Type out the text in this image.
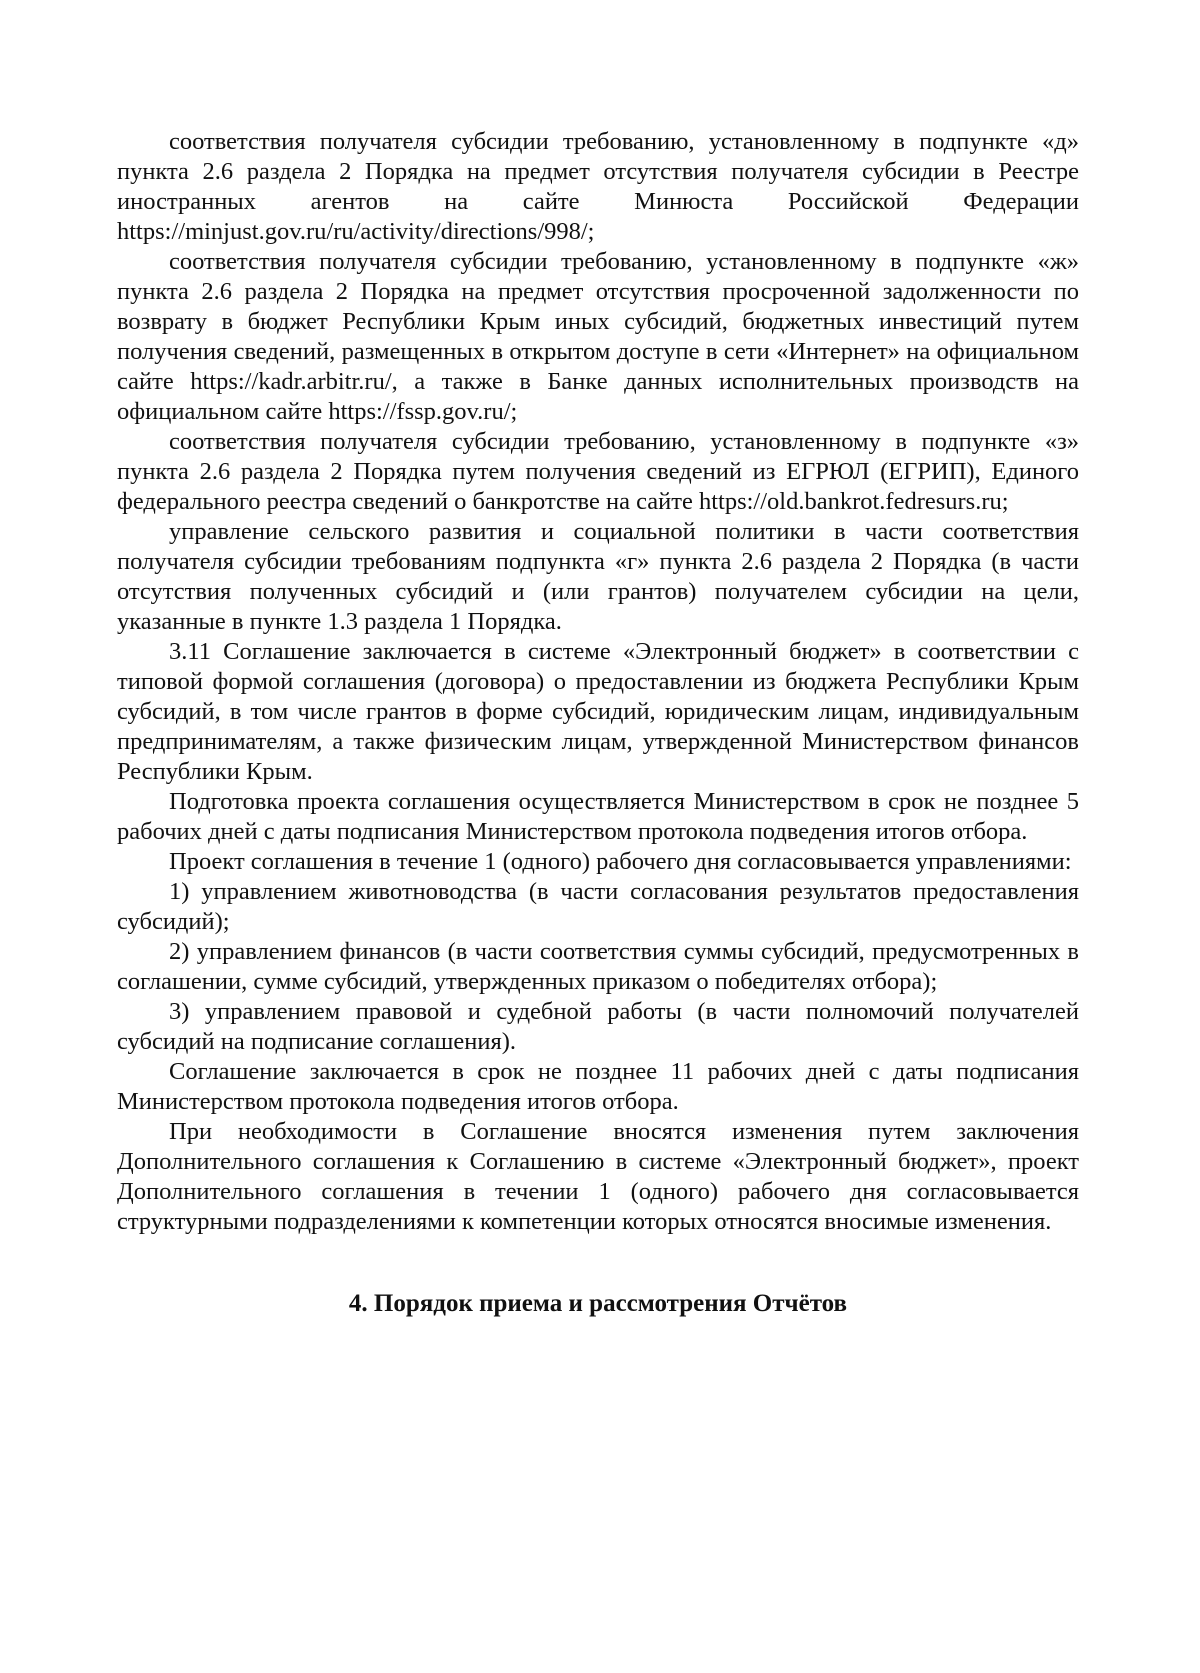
соответствия получателя субсидии требованию, установленному в подпункте «д» пункта 2.6 раздела 2 Порядка на предмет отсутствия получателя субсидии в Реестре иностранных агентов на сайте Минюста Российской Федерации https://minjust.gov.ru/ru/activity/directions/998/;

соответствия получателя субсидии требованию, установленному в подпункте «ж» пункта 2.6 раздела 2 Порядка на предмет отсутствия просроченной задолженности по возврату в бюджет Республики Крым иных субсидий, бюджетных инвестиций путем получения сведений, размещенных в открытом доступе в сети «Интернет» на официальном сайте https://kadr.arbitr.ru/, а также в Банке данных исполнительных производств на официальном сайте https://fssp.gov.ru/;

соответствия получателя субсидии требованию, установленному в подпункте «з» пункта 2.6 раздела 2 Порядка путем получения сведений из ЕГРЮЛ (ЕГРИП), Единого федерального реестра сведений о банкротстве на сайте https://old.bankrot.fedresurs.ru;

управление сельского развития и социальной политики в части соответствия получателя субсидии требованиям подпункта «г» пункта 2.6 раздела 2 Порядка (в части отсутствия полученных субсидий и (или грантов) получателем субсидии на цели, указанные в пункте 1.3 раздела 1 Порядка.

3.11 Соглашение заключается в системе «Электронный бюджет» в соответствии с типовой формой соглашения (договора) о предоставлении из бюджета Республики Крым субсидий, в том числе грантов в форме субсидий, юридическим лицам, индивидуальным предпринимателям, а также физическим лицам, утвержденной Министерством финансов Республики Крым.

Подготовка проекта соглашения осуществляется Министерством в срок не позднее 5 рабочих дней с даты подписания Министерством протокола подведения итогов отбора.

Проект соглашения в течение 1 (одного) рабочего дня согласовывается управлениями:

1) управлением животноводства (в части согласования результатов предоставления субсидий);

2) управлением финансов (в части соответствия суммы субсидий, предусмотренных в соглашении, сумме субсидий, утвержденных приказом о победителях отбора);

3) управлением правовой и судебной работы (в части полномочий получателей субсидий на подписание соглашения).

Соглашение заключается в срок не позднее 11 рабочих дней с даты подписания Министерством протокола подведения итогов отбора.

При необходимости в Соглашение вносятся изменения путем заключения Дополнительного соглашения к Соглашению в системе «Электронный бюджет», проект Дополнительного соглашения в течении 1 (одного) рабочего дня согласовывается структурными подразделениями к компетенции которых относятся вносимые изменения.

4. Порядок приема и рассмотрения Отчётов
